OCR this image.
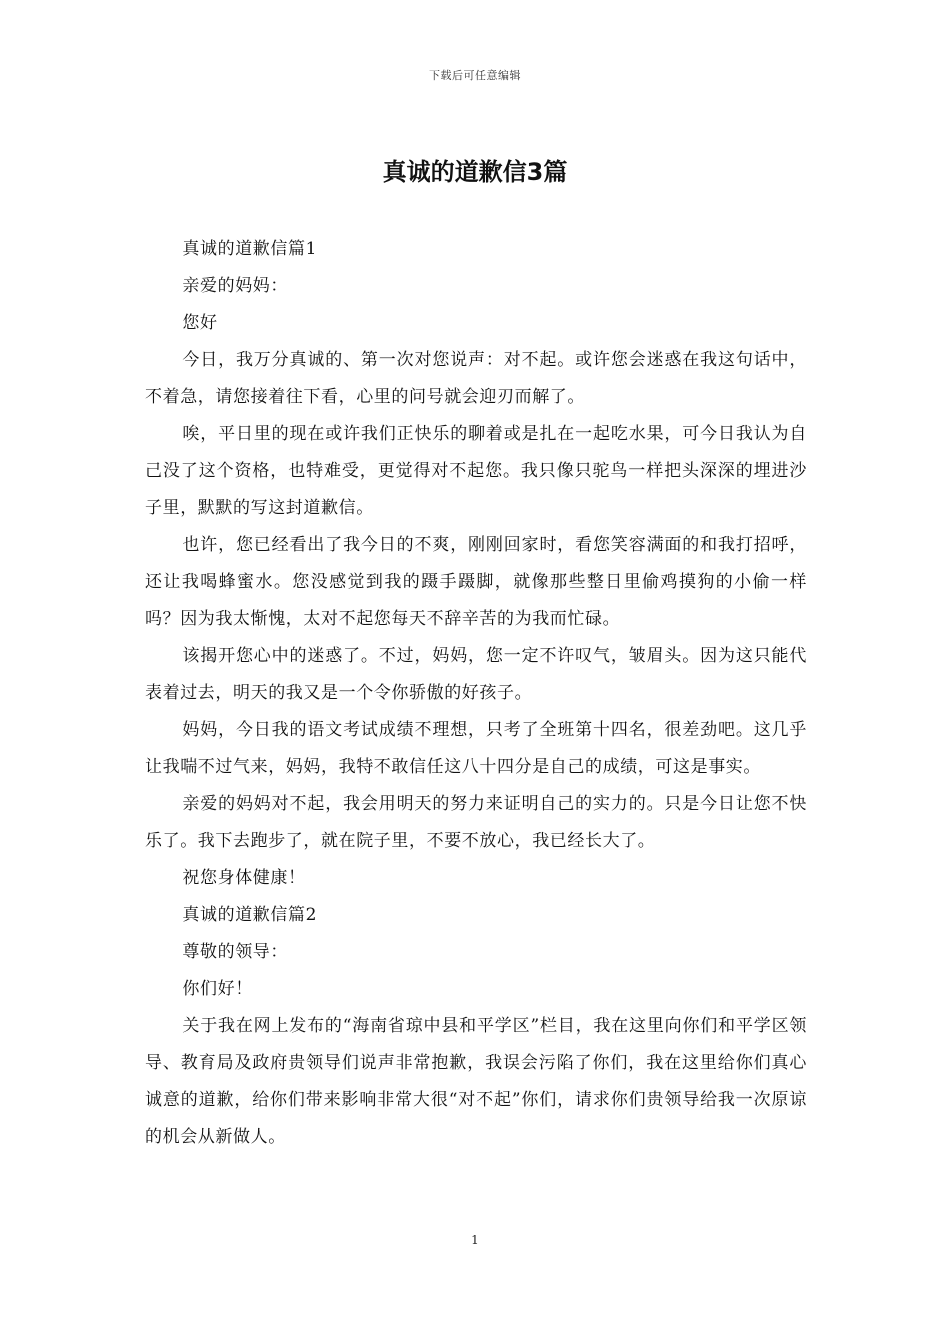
下载后可任意编辑
真诚的道歉信3篇

真诚的道歉信篇1

亲爱的妈妈：

您好

今日，我万分真诚的、第一次对您说声：对不起。或许您会迷惑在我这句话中，不着急，请您接着往下看，心里的问号就会迎刃而解了。

唉，平日里的现在或许我们正快乐的聊着或是扎在一起吃水果，可今日我认为自己没了这个资格，也特难受，更觉得对不起您。我只像只驼鸟一样把头深深的埋进沙子里，默默的写这封道歉信。

也许，您已经看出了我今日的不爽，刚刚回家时，看您笑容满面的和我打招呼，还让我喝蜂蜜水。您没感觉到我的蹑手蹑脚，就像那些整日里偷鸡摸狗的小偷一样吗？因为我太惭愧，太对不起您每天不辞辛苦的为我而忙碌。

该揭开您心中的迷惑了。不过，妈妈，您一定不许叹气，皱眉头。因为这只能代表着过去，明天的我又是一个令你骄傲的好孩子。

妈妈，今日我的语文考试成绩不理想，只考了全班第十四名，很差劲吧。这几乎让我喘不过气来，妈妈，我特不敢信任这八十四分是自己的成绩，可这是事实。

亲爱的妈妈对不起，我会用明天的努力来证明自己的实力的。只是今日让您不快乐了。我下去跑步了，就在院子里，不要不放心，我已经长大了。

祝您身体健康！

真诚的道歉信篇2

尊敬的领导：

你们好！

关于我在网上发布的“海南省琼中县和平学区”栏目，我在这里向你们和平学区领导、教育局及政府贵领导们说声非常抱歉，我误会污陷了你们，我在这里给你们真心诚意的道歉，给你们带来影响非常大很“对不起”你们，请求你们贵领导给我一次原谅的机会从新做人。

1
